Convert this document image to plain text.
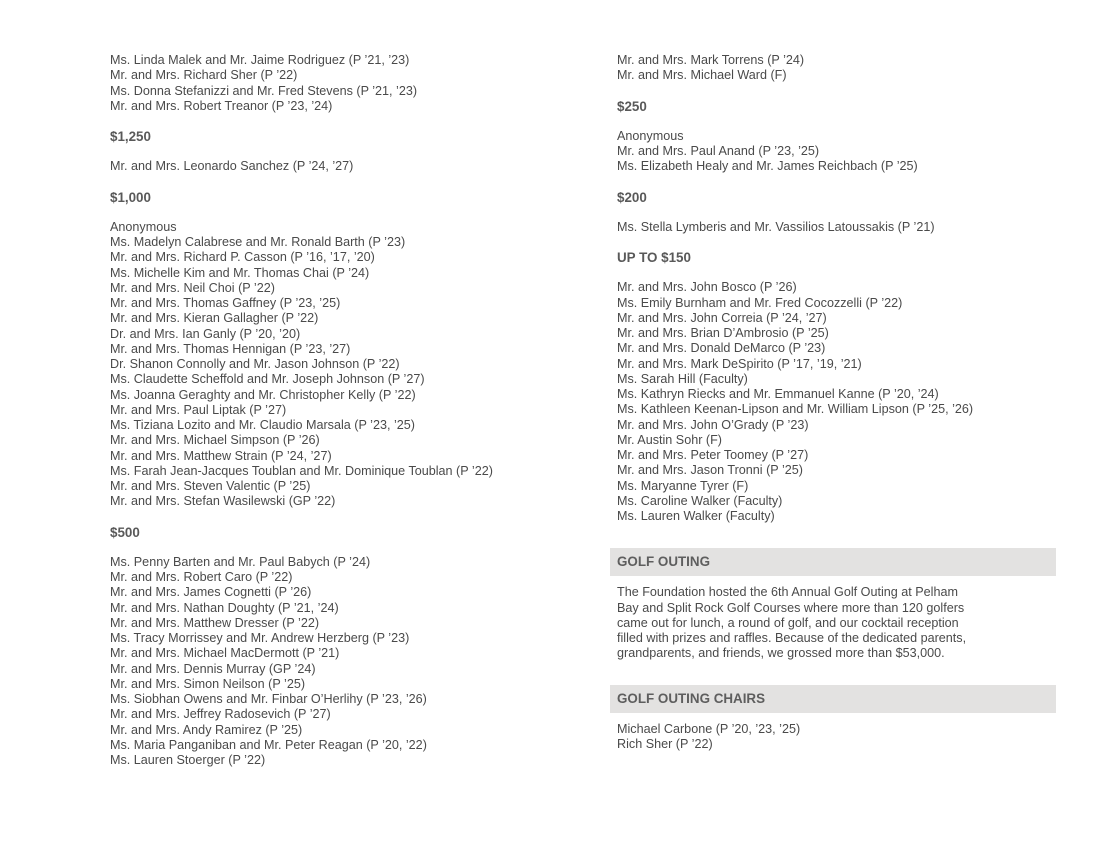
Ms. Linda Malek and Mr. Jaime Rodriguez (P ’21, ’23)
Mr. and Mrs. Richard Sher (P ’22)
Ms. Donna Stefanizzi and Mr. Fred Stevens (P ’21, ’23)
Mr. and Mrs. Robert Treanor (P ’23, ’24)
$1,250
Mr. and Mrs. Leonardo Sanchez (P ’24, ’27)
$1,000
Anonymous
Ms. Madelyn Calabrese and Mr. Ronald Barth (P ’23)
Mr. and Mrs. Richard P. Casson (P ’16, ’17, ’20)
Ms. Michelle Kim and Mr. Thomas Chai (P ’24)
Mr. and Mrs. Neil Choi (P ’22)
Mr. and Mrs. Thomas Gaffney (P ’23, ’25)
Mr. and Mrs. Kieran Gallagher (P ’22)
Dr. and Mrs. Ian Ganly (P ’20, ’20)
Mr. and Mrs. Thomas Hennigan (P ’23, ’27)
Dr. Shanon Connolly and Mr. Jason Johnson (P ’22)
Ms. Claudette Scheffold and Mr. Joseph Johnson (P ’27)
Ms. Joanna Geraghty and Mr. Christopher Kelly (P ’22)
Mr. and Mrs. Paul Liptak (P ’27)
Ms. Tiziana Lozito and Mr. Claudio Marsala (P ’23, ’25)
Mr. and Mrs. Michael Simpson (P ’26)
Mr. and Mrs. Matthew Strain (P ’24, ’27)
Ms. Farah Jean-Jacques Toublan and Mr. Dominique Toublan (P ’22)
Mr. and Mrs. Steven Valentic (P ’25)
Mr. and Mrs. Stefan Wasilewski (GP ’22)
$500
Ms. Penny Barten and Mr. Paul Babych (P ’24)
Mr. and Mrs. Robert Caro (P ’22)
Mr. and Mrs. James Cognetti (P ’26)
Mr. and Mrs. Nathan Doughty (P ’21, ’24)
Mr. and Mrs. Matthew Dresser (P ’22)
Ms. Tracy Morrissey and Mr. Andrew Herzberg (P ’23)
Mr. and Mrs. Michael MacDermott (P ’21)
Mr. and Mrs. Dennis Murray (GP ’24)
Mr. and Mrs. Simon Neilson (P ’25)
Ms. Siobhan Owens and Mr. Finbar O’Herlihy (P ’23, ’26)
Mr. and Mrs. Jeffrey Radosevich (P ’27)
Mr. and Mrs. Andy Ramirez (P ’25)
Ms. Maria Panganiban and Mr. Peter Reagan (P ’20, ’22)
Ms. Lauren Stoerger (P ’22)
Mr. and Mrs. Mark Torrens (P ’24)
Mr. and Mrs. Michael Ward (F)
$250
Anonymous
Mr. and Mrs. Paul Anand (P ’23, ’25)
Ms. Elizabeth Healy and Mr. James Reichbach (P ’25)
$200
Ms. Stella Lymberis and Mr. Vassilios Latoussakis (P ’21)
UP TO $150
Mr. and Mrs. John Bosco (P ’26)
Ms. Emily Burnham and Mr. Fred Cocozzelli (P ’22)
Mr. and Mrs. John Correia (P ’24, ’27)
Mr. and Mrs. Brian D’Ambrosio (P ’25)
Mr. and Mrs. Donald DeMarco (P ’23)
Mr. and Mrs. Mark DeSpirito (P ’17, ’19, ’21)
Ms. Sarah Hill (Faculty)
Ms. Kathryn Riecks and Mr. Emmanuel Kanne (P ’20, ’24)
Ms. Kathleen Keenan-Lipson and Mr. William Lipson (P ’25, ’26)
Mr. and Mrs. John O’Grady (P ’23)
Mr. Austin Sohr (F)
Mr. and Mrs. Peter Toomey (P ’27)
Mr. and Mrs. Jason Tronni (P ’25)
Ms. Maryanne Tyrer (F)
Ms. Caroline Walker (Faculty)
Ms. Lauren Walker (Faculty)
GOLF OUTING
The Foundation hosted the 6th Annual Golf Outing at Pelham
Bay and Split Rock Golf Courses where more than 120 golfers
came out for lunch, a round of golf, and our cocktail reception
filled with prizes and raffles. Because of the dedicated parents,
grandparents, and friends, we grossed more than $53,000.
GOLF OUTING CHAIRS
Michael Carbone (P ’20, ’23, ’25)
Rich Sher (P ’22)
